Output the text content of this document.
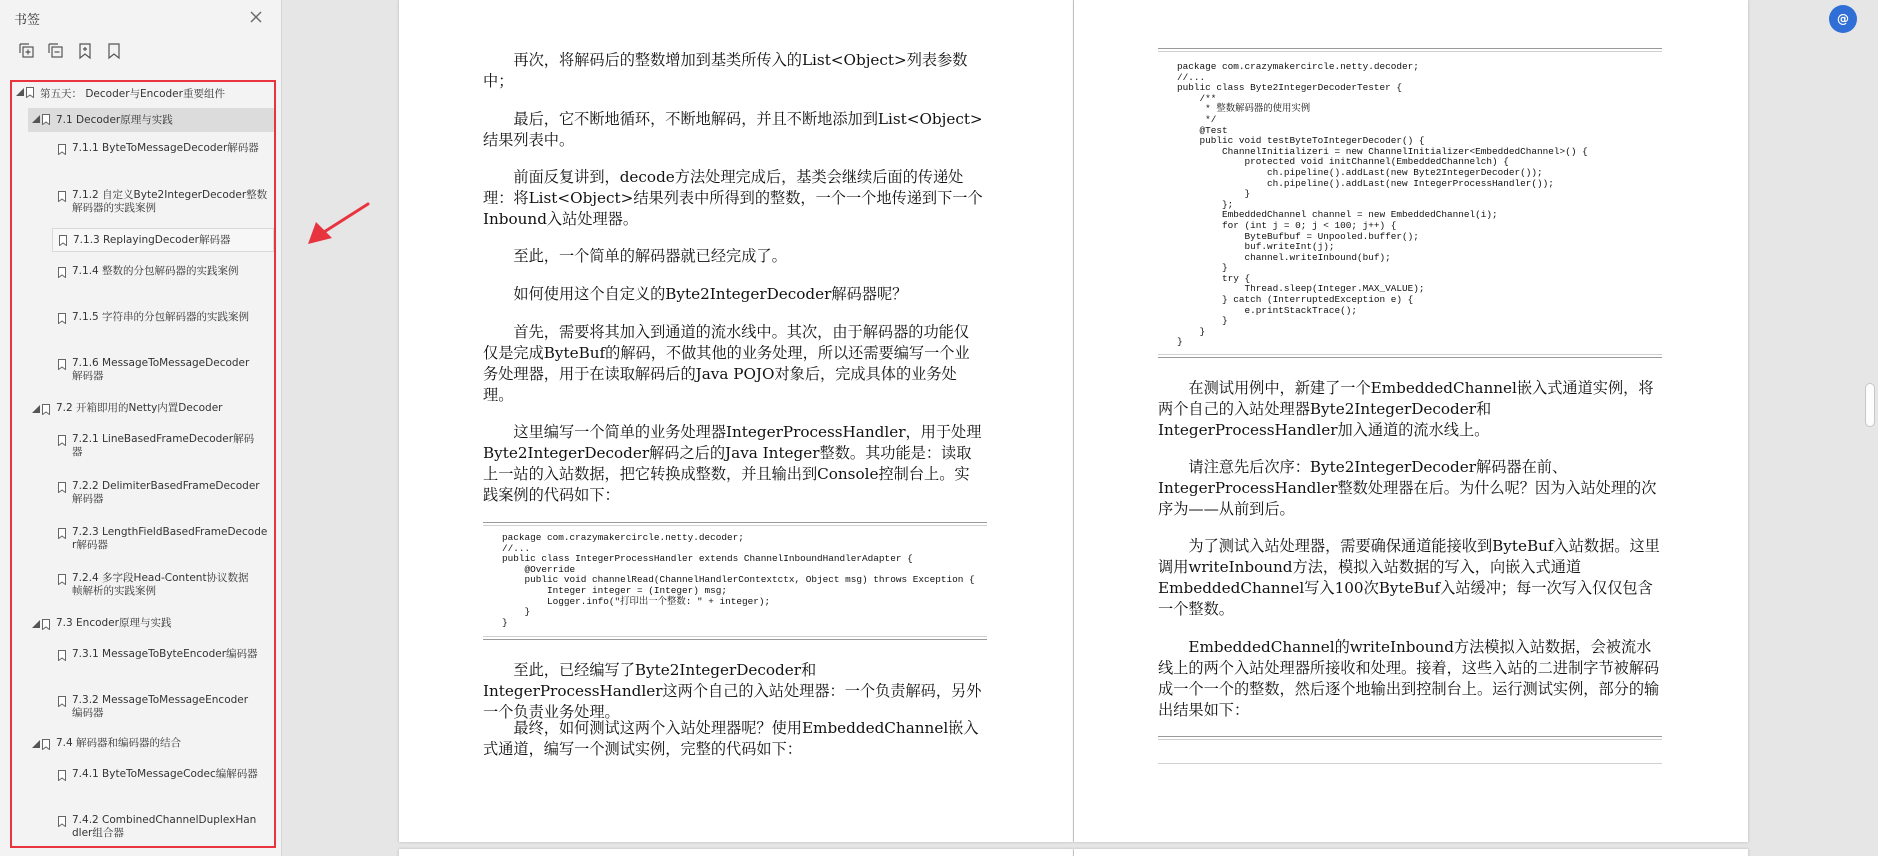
书签
第五天： Decoder与Encoder重要组件
7.1 Decoder原理与实践
7.1.1 ByteToMessageDecoder解码器
7.1.2 自定义Byte2IntegerDecoder整数解码器的实践案例
7.1.3 ReplayingDecoder解码器
7.1.4 整数的分包解码器的实践案例
7.1.5 字符串的分包解码器的实践案例
7.1.6 MessageToMessageDecoder解码器
7.2 开箱即用的Netty内置Decoder
7.2.1 LineBasedFrameDecoder解码器
7.2.2 DelimiterBasedFrameDecoder解码器
7.2.3 LengthFieldBasedFrameDecoder解码器
7.2.4 多字段Head-Content协议数据帧解析的实践案例
7.3 Encoder原理与实践
7.3.1 MessageToByteEncoder编码器
7.3.2 MessageToMessageEncoder编码器
7.4 解码器和编码器的结合
7.4.1 ByteToMessageCodec编解码器
7.4.2 CombinedChannelDuplexHandler组合器
再次，将解码后的整数增加到基类所传入的List<Object>列表参数中；
最后，它不断地循环，不断地解码，并且不断地添加到List<Object>结果列表中。
前面反复讲到，decode方法处理完成后，基类会继续后面的传递处理：将List<Object>结果列表中所得到的整数，一个一个地传递到下一个Inbound入站处理器。
至此，一个简单的解码器就已经完成了。
如何使用这个自定义的Byte2IntegerDecoder解码器呢？
首先，需要将其加入到通道的流水线中。其次，由于解码器的功能仅仅是完成ByteBuf的解码，不做其他的业务处理，所以还需要编写一个业务处理器，用于在读取解码后的Java POJO对象后，完成具体的业务处理。
这里编写一个简单的业务处理器IntegerProcessHandler，用于处理Byte2IntegerDecoder解码之后的Java Integer整数。其功能是：读取上一站的入站数据，把它转换成整数，并且输出到Console控制台上。实践案例的代码如下：
package com.crazymakercircle.netty.decoder;
//...
public class IntegerProcessHandler extends ChannelInboundHandlerAdapter {
@Override
public void channelRead(ChannelHandlerContextctx, Object msg) throws Exception {
Integer integer = (Integer) msg;
Logger.info("打印出一个整数: " + integer);
}
}
至此，已经编写了Byte2IntegerDecoder和IntegerProcessHandler这两个自己的入站处理器：一个负责解码，另外一个负责业务处理。
最终，如何测试这两个入站处理器呢？使用EmbeddedChannel嵌入式通道，编写一个测试实例，完整的代码如下：
package com.crazymakercircle.netty.decoder;
//...
public class Byte2IntegerDecoderTester {
/**
* 整数解码器的使用实例
*/
@Test
public void testByteToIntegerDecoder() {
ChannelInitializeri = new ChannelInitializer<EmbeddedChannel>() {
protected void initChannel(EmbeddedChannelch) {
ch.pipeline().addLast(new Byte2IntegerDecoder());
ch.pipeline().addLast(new IntegerProcessHandler());
}
};
EmbeddedChannel channel = new EmbeddedChannel(i);
for (int j = 0; j < 100; j++) {
ByteBufbuf = Unpooled.buffer();
buf.writeInt(j);
channel.writeInbound(buf);
}
try {
Thread.sleep(Integer.MAX_VALUE);
} catch (InterruptedException e) {
e.printStackTrace();
}
}
}
在测试用例中，新建了一个EmbeddedChannel嵌入式通道实例，将两个自己的入站处理器Byte2IntegerDecoder和IntegerProcessHandler加入通道的流水线上。
请注意先后次序：Byte2IntegerDecoder解码器在前、IntegerProcessHandler整数处理器在后。为什么呢？因为入站处理的次序为——从前到后。
为了测试入站处理器，需要确保通道能接收到ByteBuf入站数据。这里调用writeInbound方法，模拟入站数据的写入，向嵌入式通道EmbeddedChannel写入100次ByteBuf入站缓冲；每一次写入仅仅包含一个整数。
EmbeddedChannel的writeInbound方法模拟入站数据，会被流水线上的两个入站处理器所接收和处理。接着，这些入站的二进制字节被解码成一个一个的整数，然后逐个地输出到控制台上。运行测试实例，部分的输出结果如下：
@
